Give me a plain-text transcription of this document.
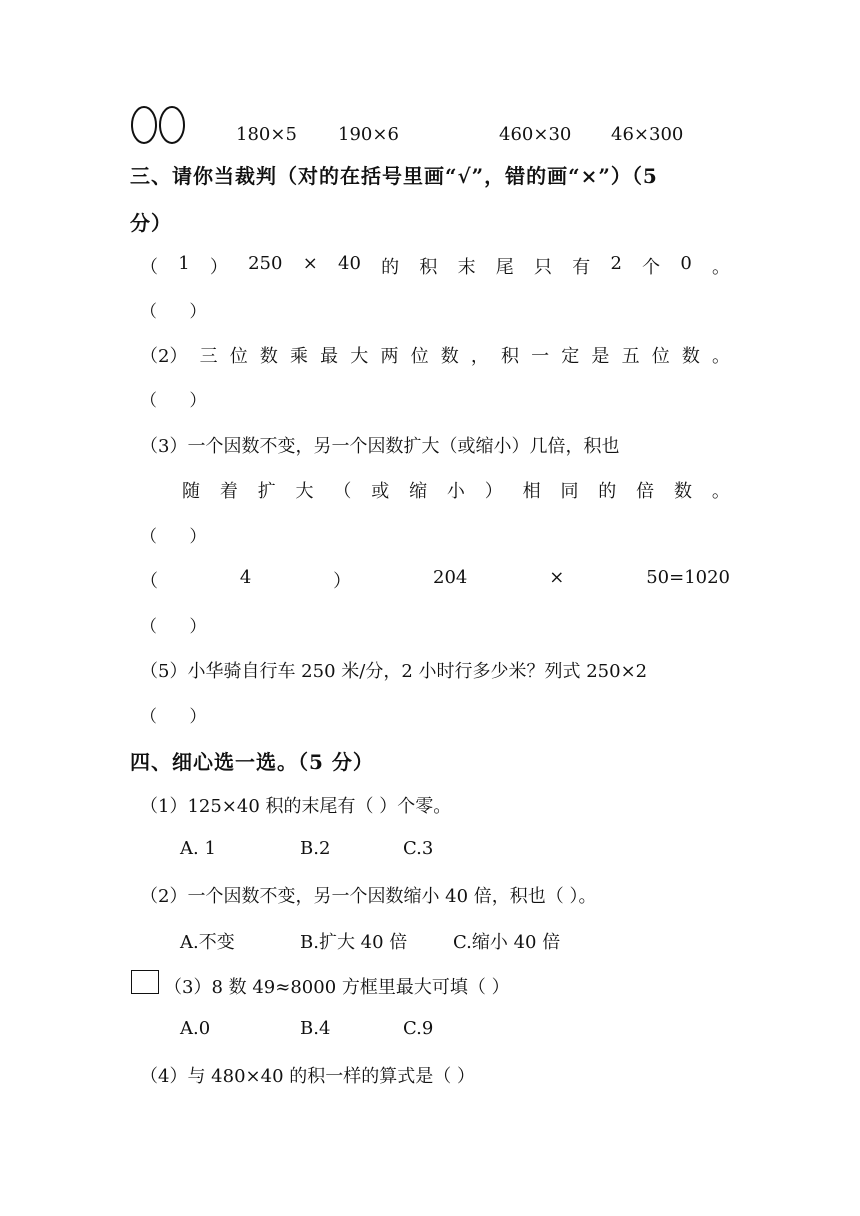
180×5 190×6	460×30 46×300
三、请你当裁判（对的在括号里画“√”，错的画“×”）（5
分）
（ 1 ） 250 × 40 的 积 末 尾 只 有 2 个 0 。
（      ）
（2） 三 位 数 乘 最 大 两 位 数 ， 积 一 定 是 五 位 数 。
（      ）
（3）一个因数不变，另一个因数扩大（或缩小）几倍，积也
随 着 扩 大 （ 或 缩 小 ） 相 同 的 倍 数 。
（      ）
（	4	）	204	×	50=1020
（      ）
（5）小华骑自行车 250 米/分，2 小时行多少米？列式 250×2
（      ）
四、细心选一选。（5 分）
（1）125×40 积的末尾有（ ）个零。
A. 1	B.2	C.3
（2）一个因数不变，另一个因数缩小 40 倍，积也（ ）。
A.不变	B.扩大 40 倍	C.缩小 40 倍
（3）8 数 49≈8000 方框里最大可填（ ）
A.0	B.4	C.9
（4）与 480×40 的积一样的算式是（ ）
